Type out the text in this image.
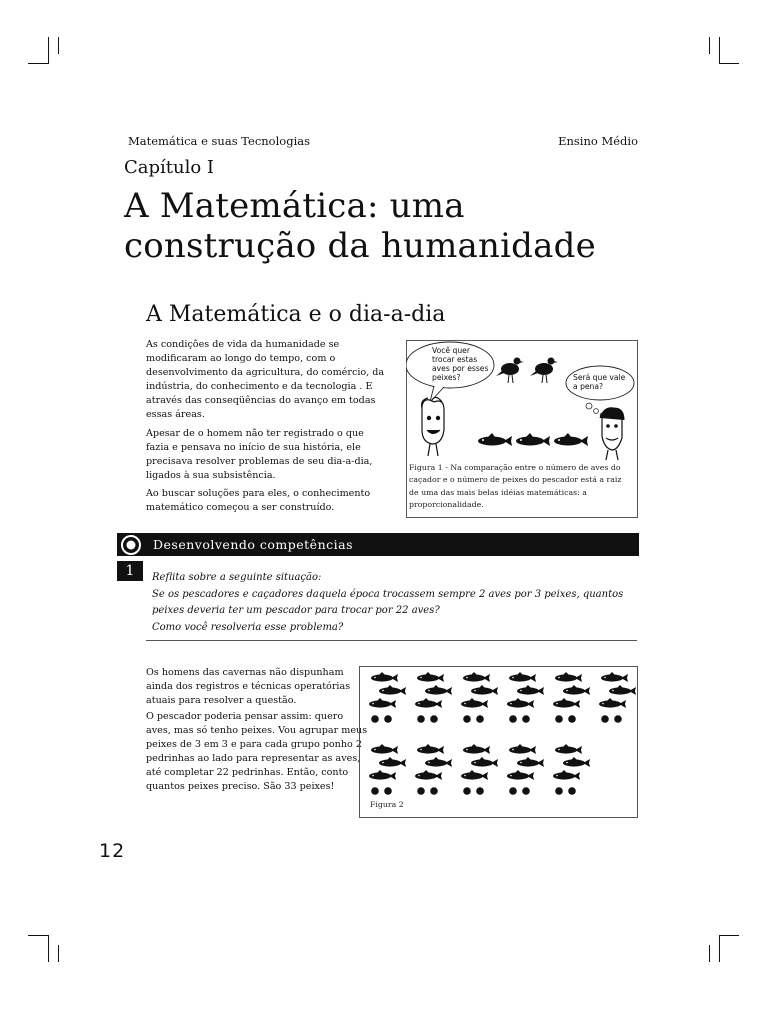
Matemática e suas Tecnologias	Ensino Médio
Capítulo I
A Matemática: uma
construção da humanidade
A Matemática e o dia-a-dia

As condições de vida da humanidade se modificaram ao longo do tempo, com o desenvolvimento da agricultura, do comércio, da indústria, do conhecimento e da tecnologia . E através das conseqüências do avanço em todas essas áreas.

Apesar de o homem não ter registrado o que fazia e pensava no início de sua história, ele precisava resolver problemas de seu dia-a-dia, ligados à sua subsistência.

Ao buscar soluções para eles, o conhecimento matemático começou a ser construído.

Você quer
trocar estas
aves por esses
peixes?	Será que vale
a pena?
Figura 1 - Na comparação entre o número de aves do caçador e o número de peixes do pescador está a raiz de uma das mais belas idéias matemáticas: a proporcionalidade.
Desenvolvendo competências
1	Reflita sobre a seguinte situação:
Se os pescadores e caçadores daquela época trocassem sempre 2 aves por 3 peixes, quantos
peixes deveria ter um pescador para trocar por 22 aves?
Como você resolveria esse problema?

Os homens das cavernas não dispunham ainda dos registros e técnicas operatórias atuais para resolver a questão.

O pescador poderia pensar assim: quero aves, mas só tenho peixes. Vou agrupar meus peixes de 3 em 3 e para cada grupo ponho 2 pedrinhas ao lado para representar as aves, até completar 22 pedrinhas. Então, conto quantos peixes preciso. São 33 peixes!

Figura 2
12
